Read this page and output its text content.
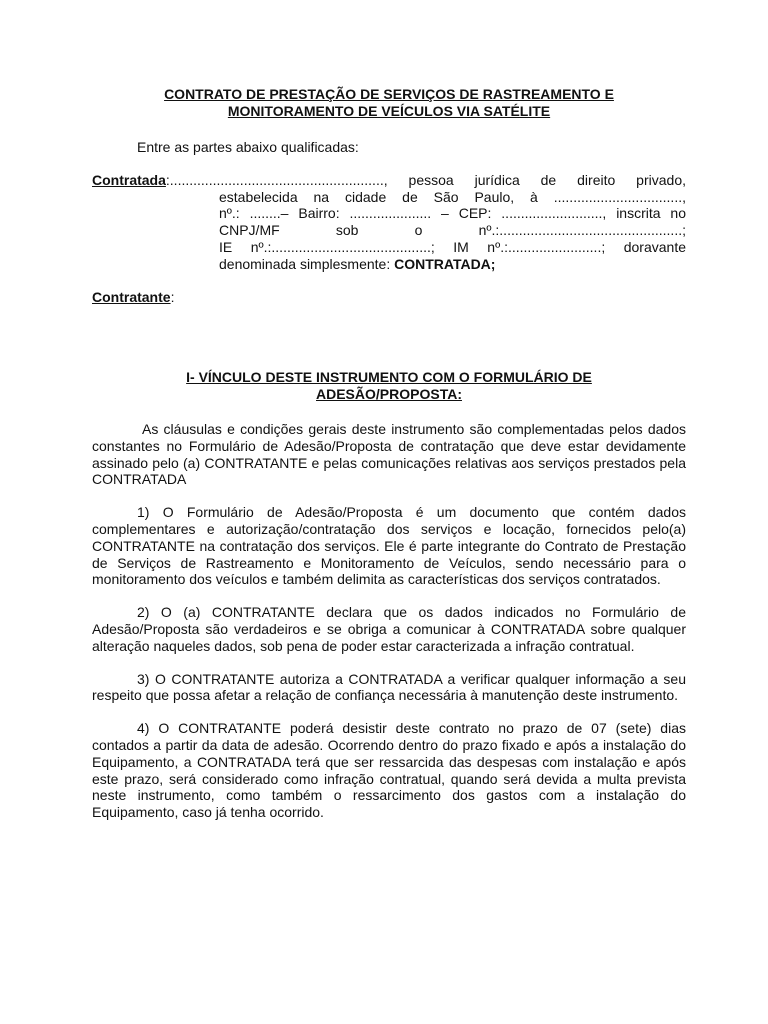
CONTRATO DE PRESTAÇÃO DE SERVIÇOS DE RASTREAMENTO E
MONITORAMENTO DE VEÍCULOS VIA SATÉLITE
Entre as partes abaixo qualificadas:
Contratada:......................................................., pessoa jurídica de direito privado,
estabelecida na cidade de São Paulo, à .................................,
nº.: ........– Bairro: ..................... – CEP: .........................., inscrita no
CNPJ/MF sob o nº.:...............................................;
IE nº.:.........................................; IM nº.:........................; doravante
denominada simplesmente: CONTRATADA;
Contratante:
I- VÍNCULO DESTE INSTRUMENTO COM O FORMULÁRIO DE
ADESÃO/PROPOSTA:

As cláusulas e condições gerais deste instrumento são complementadas pelos dados constantes no Formulário de Adesão/Proposta de contratação que deve estar devidamente assinado pelo (a) CONTRATANTE e pelas comunicações relativas aos serviços prestados pela CONTRATADA

1) O Formulário de Adesão/Proposta é um documento que contém dados complementares e autorização/contratação dos serviços e locação, fornecidos pelo(a) CONTRATANTE na contratação dos serviços. Ele é parte integrante do Contrato de Prestação de Serviços de Rastreamento e Monitoramento de Veículos, sendo necessário para o monitoramento dos veículos e também delimita as características dos serviços contratados.

2) O (a) CONTRATANTE declara que os dados indicados no Formulário de Adesão/Proposta são verdadeiros e se obriga a comunicar à CONTRATADA sobre qualquer alteração naqueles dados, sob pena de poder estar caracterizada a infração contratual.

3) O CONTRATANTE autoriza a CONTRATADA a verificar qualquer informação a seu respeito que possa afetar a relação de confiança necessária à manutenção deste instrumento.

4) O CONTRATANTE poderá desistir deste contrato no prazo de 07 (sete) dias contados a partir da data de adesão. Ocorrendo dentro do prazo fixado e após a instalação do Equipamento, a CONTRATADA terá que ser ressarcida das despesas com instalação e após este prazo, será considerado como infração contratual, quando será devida a multa prevista neste instrumento, como também o ressarcimento dos gastos com a instalação do Equipamento, caso já tenha ocorrido.
